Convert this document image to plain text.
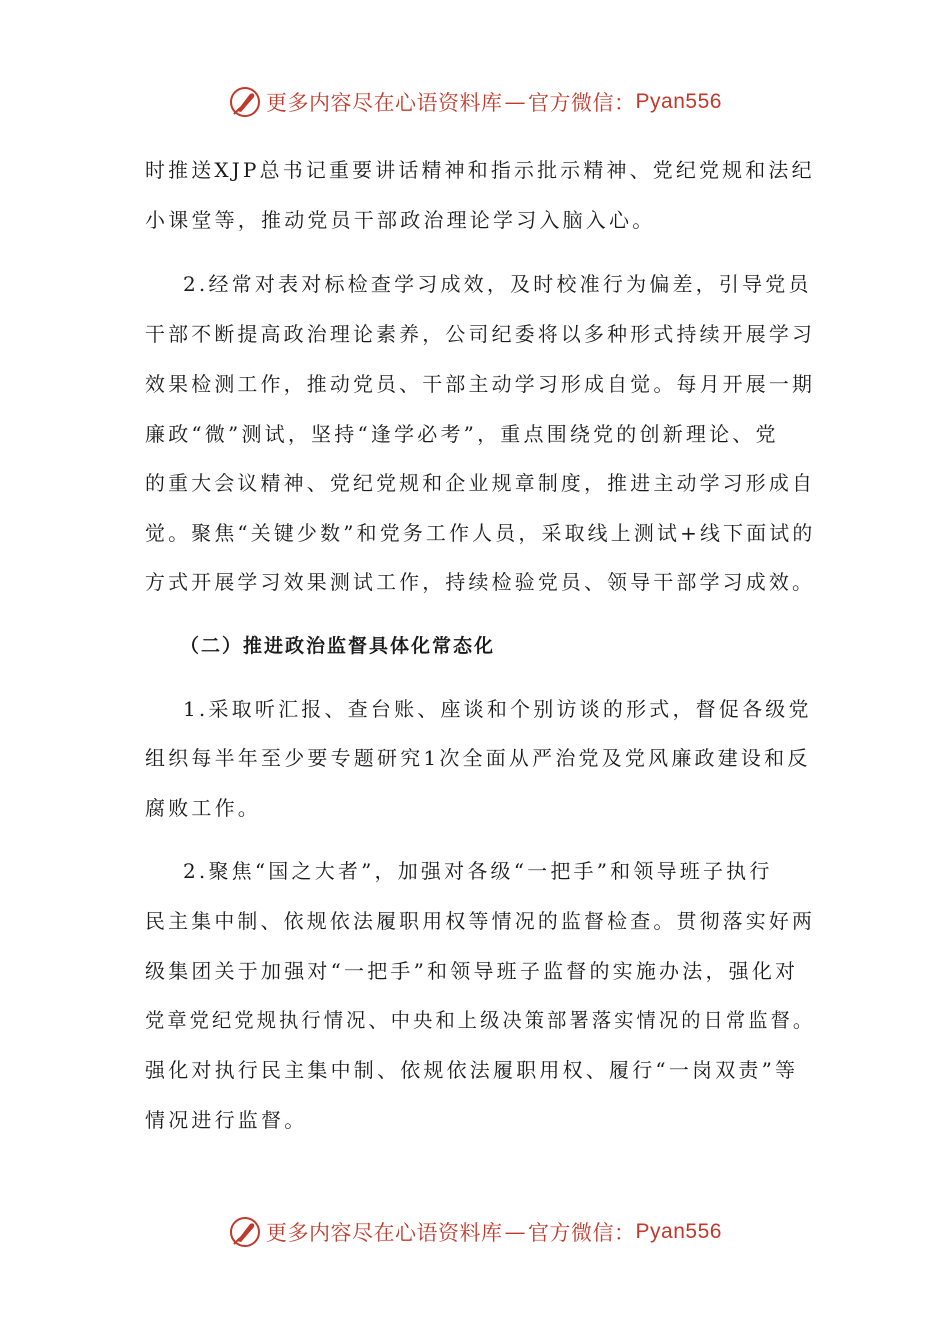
更多内容尽在心语资料库 — 官方微信： Pyan556
时推送XJP总书记重要讲话精神和指示批示精神、党纪党规和法纪
小课堂等，推动党员干部政治理论学习入脑入心。
2.经常对表对标检查学习成效，及时校准行为偏差，引导党员
干部不断提高政治理论素养，公司纪委将以多种形式持续开展学习
效果检测工作，推动党员、干部主动学习形成自觉。每月开展一期
廉政“微”测试，坚持“逢学必考”，重点围绕党的创新理论、党
的重大会议精神、党纪党规和企业规章制度，推进主动学习形成自
觉。聚焦“关键少数”和党务工作人员，采取线上测试+线下面试的
方式开展学习效果测试工作，持续检验党员、领导干部学习成效。
（二）推进政治监督具体化常态化
1.采取听汇报、查台账、座谈和个别访谈的形式，督促各级党
组织每半年至少要专题研究1次全面从严治党及党风廉政建设和反
腐败工作。
2.聚焦“国之大者”，加强对各级“一把手”和领导班子执行
民主集中制、依规依法履职用权等情况的监督检查。贯彻落实好两
级集团关于加强对“一把手”和领导班子监督的实施办法，强化对
党章党纪党规执行情况、中央和上级决策部署落实情况的日常监督。
强化对执行民主集中制、依规依法履职用权、履行“一岗双责”等
情况进行监督。
更多内容尽在心语资料库 — 官方微信： Pyan556
